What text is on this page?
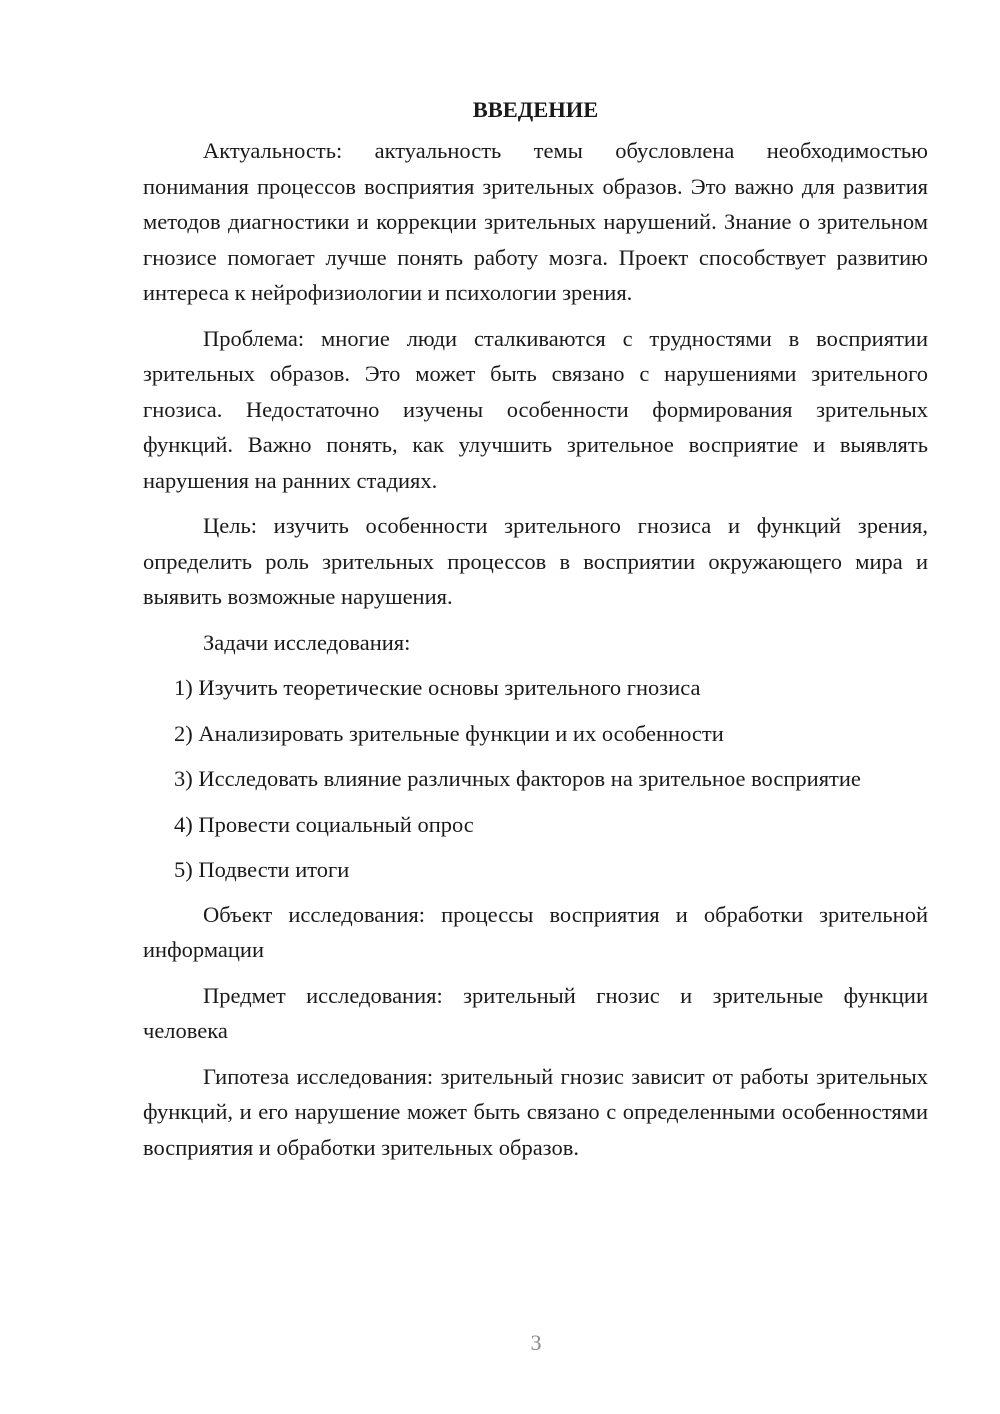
ВВЕДЕНИЕ

Актуальность: актуальность темы обусловлена необходимостью понимания процессов восприятия зрительных образов. Это важно для развития методов диагностики и коррекции зрительных нарушений. Знание о зрительном гнозисе помогает лучше понять работу мозга. Проект способствует развитию интереса к нейрофизиологии и психологии зрения.

Проблема: многие люди сталкиваются с трудностями в восприятии зрительных образов. Это может быть связано с нарушениями зрительного гнозиса. Недостаточно изучены особенности формирования зрительных функций. Важно понять, как улучшить зрительное восприятие и выявлять нарушения на ранних стадиях.

Цель: изучить особенности зрительного гнозиса и функций зрения, определить роль зрительных процессов в восприятии окружающего мира и выявить возможные нарушения.

Задачи исследования:

1) Изучить теоретические основы зрительного гнозиса

2) Анализировать зрительные функции и их особенности

3) Исследовать влияние различных факторов на зрительное восприятие

4) Провести социальный опрос

5) Подвести итоги

Объект исследования: процессы восприятия и обработки зрительной информации

Предмет исследования: зрительный гнозис и зрительные функции человека

Гипотеза исследования: зрительный гнозис зависит от работы зрительных функций, и его нарушение может быть связано с определенными особенностями восприятия и обработки зрительных образов.

3
